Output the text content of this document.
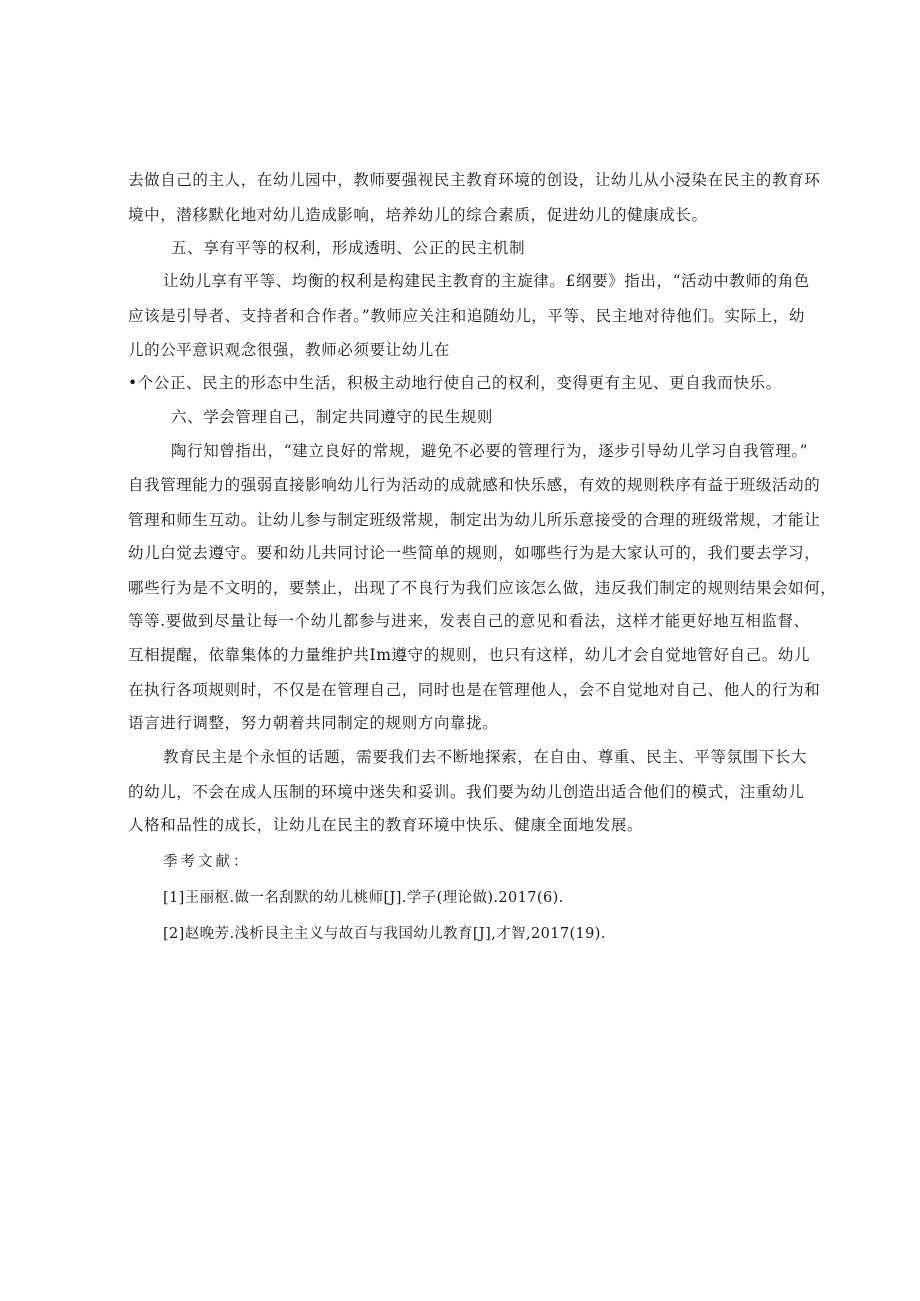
去做自己的主人，在幼儿园中，教师要强视民主教育环境的创设，让幼儿从小浸染在民主的教育环
境中，潜移默化地对幼儿造成影响，培养幼儿的综合素质，促进幼儿的健康成长。
五、享有平等的权利，形成透明、公正的民主机制
让幼儿享有平等、均衡的权利是构建民主教育的主旋律。£纲要》指出，“活动中教师的角色
应该是引导者、支持者和合作者。”教师应关注和追随幼儿，平等、民主地对待他们。实际上，幼
儿的公平意识观念很强，教师必须要让幼儿在
•个公正、民主的形态中生活，积极主动地行使自己的权利，变得更有主见、更自我而快乐。
六、学会管理自己，制定共同遵守的民生规则
陶行知曾指出，“建立良好的常规，避免不必要的管理行为，逐步引导幼儿学习自我管理。”
自我管理能力的强弱直接影响幼儿行为活动的成就感和快乐感，有效的规则秩序有益于班级活动的
管理和师生互动。让幼儿参与制定班级常规，制定出为幼儿所乐意接受的合理的班级常规，才能让
幼儿白觉去遵守。要和幼儿共同讨论一些简单的规则，如哪些行为是大家认可的，我们要去学习，
哪些行为是不文明的，要禁止，出现了不良行为我们应该怎么做，违反我们制定的规则结果会如何，
等等.要做到尽量让每一个幼儿都参与进来，发表自己的意见和看法，这样才能更好地互相监督、
互相提醒，依靠集体的力量维护共Im遵守的规则，也只有这样，幼儿才会自觉地管好自己。幼儿
在执行各项规则时，不仅是在管理自己，同时也是在管理他人，会不自觉地对自己、他人的行为和
语言进行调整，努力朝着共同制定的规则方向靠拢。
教育民主是个永恒的话题，需要我们去不断地探索，在自由、尊重、民主、平等氛围下长大
的幼儿，不会在成人压制的环境中迷失和妥训。我们要为幼儿创造出适合他们的模式，注重幼儿
人格和品性的成长，让幼儿在民主的教育环境中快乐、健康全面地发展。
季考文献：
[1]王丽枢.做一名刮默的幼儿桃师[J].学子(理论做).2017(6).
[2]赵晚芳.浅析艮主主义与故百与我国幼儿教育[J],才智,2017(19).
